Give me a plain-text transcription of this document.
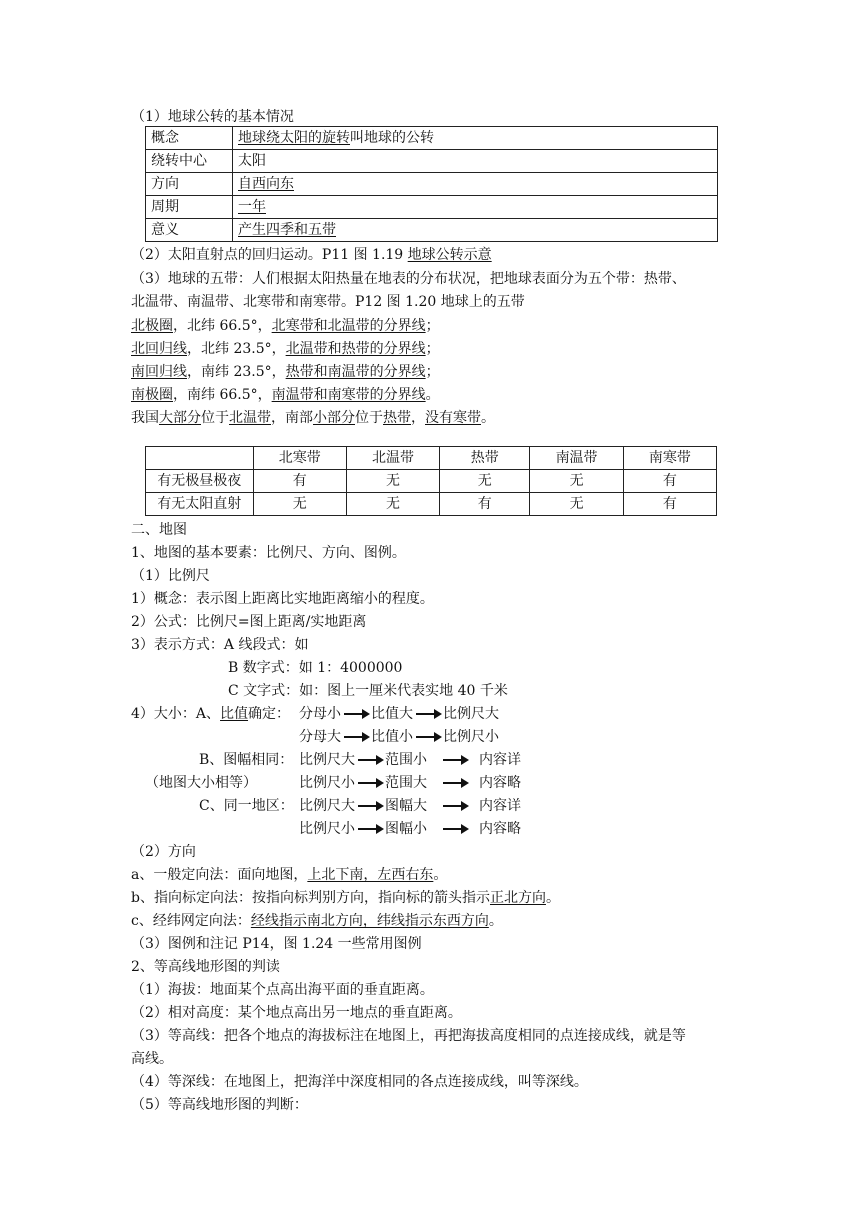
（1）地球公转的基本情况
概念	地球绕太阳的旋转叫地球的公转
绕转中心	太阳
方向	自西向东
周期	一年
意义	产生四季和五带
（2）太阳直射点的回归运动。P11 图 1.19 地球公转示意
（3）地球的五带：人们根据太阳热量在地表的分布状况，把地球表面分为五个带：热带、
北温带、南温带、北寒带和南寒带。P12 图 1.20 地球上的五带
北极圈，北纬 66.5°，北寒带和北温带的分界线；
北回归线，北纬 23.5°，北温带和热带的分界线；
南回归线，南纬 23.5°，热带和南温带的分界线；
南极圈，南纬 66.5°，南温带和南寒带的分界线。
我国大部分位于北温带，南部小部分位于热带，没有寒带。
	北寒带	北温带	热带	南温带	南寒带
有无极昼极夜	有	无	无	无	有
有无太阳直射	无	无	有	无	有
二、地图
1、地图的基本要素：比例尺、方向、图例。
（1）比例尺
1）概念：表示图上距离比实地距离缩小的程度。
2）公式：比例尺=图上距离/实地距离
3）表示方式：A 线段式：如
B 数字式：如 1：4000000
C 文字式：如：图上一厘米代表实地 40 千米
4）大小：A、比值确定： 分母小 比值大 比例尺大
分母大 比值小 比例尺小
B、图幅相同： 比例尺大 范围小	内容详
（地图大小相等）	比例尺小 范围大	内容略
C、同一地区： 比例尺大 图幅大	内容详
比例尺小 图幅小	内容略
（2）方向
a、一般定向法：面向地图，上北下南，左西右东。
b、指向标定向法：按指向标判别方向，指向标的箭头指示正北方向。
c、经纬网定向法：经线指示南北方向，纬线指示东西方向。
（3）图例和注记 P14，图 1.24 一些常用图例
2、等高线地形图的判读
（1）海拔：地面某个点高出海平面的垂直距离。
（2）相对高度：某个地点高出另一地点的垂直距离。
（3）等高线：把各个地点的海拔标注在地图上，再把海拔高度相同的点连接成线，就是等
高线。
（4）等深线：在地图上，把海洋中深度相同的各点连接成线，叫等深线。
（5）等高线地形图的判断：
